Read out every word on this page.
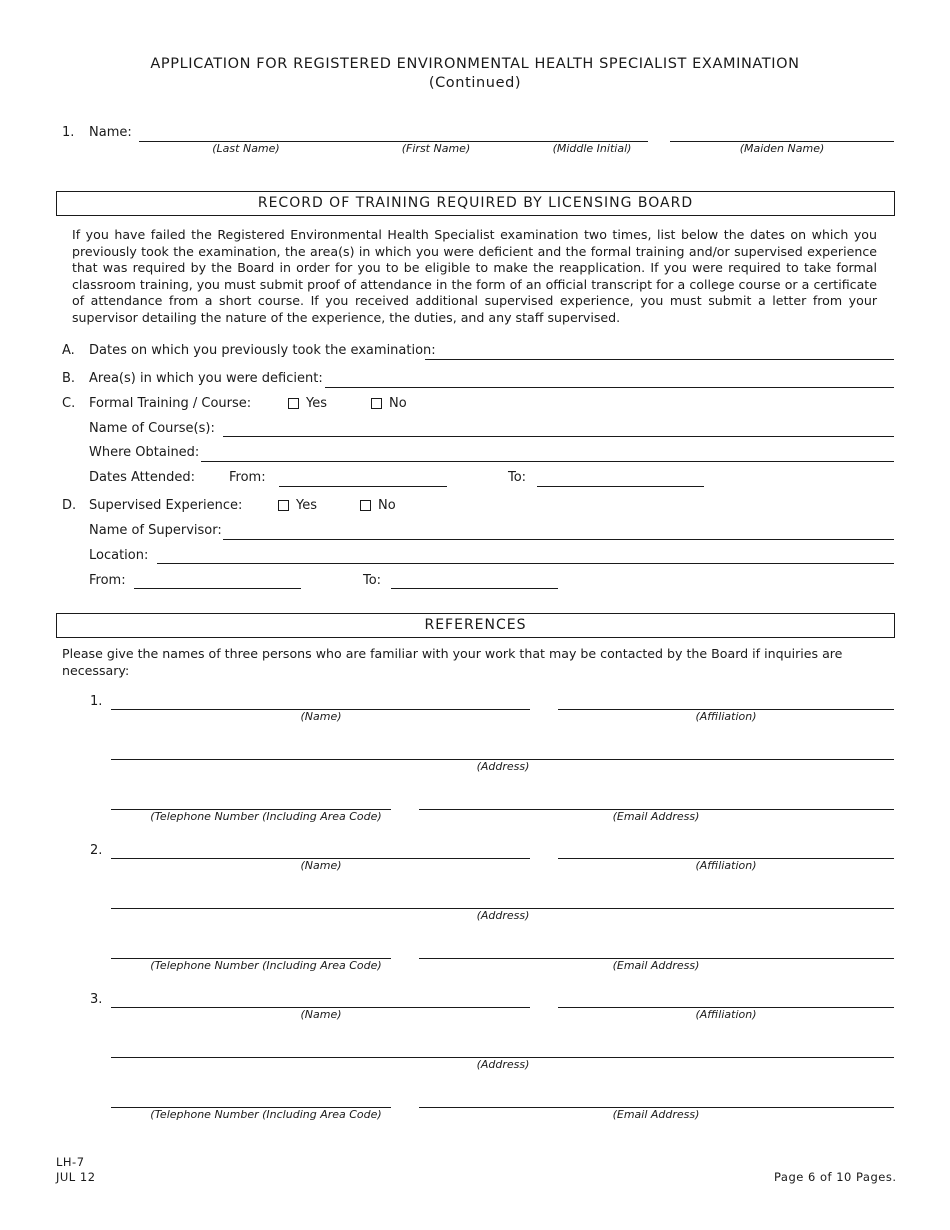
APPLICATION FOR REGISTERED ENVIRONMENTAL HEALTH SPECIALIST EXAMINATION
(Continued)
1. Name:
(Last Name)	(First Name)	(Middle Initial)	(Maiden Name)
RECORD OF TRAINING REQUIRED BY LICENSING BOARD
If you have failed the Registered Environmental Health Specialist examination two times, list below the dates on which you previously took the examination, the area(s) in which you were deficient and the formal training and/or supervised experience that was required by the Board in order for you to be eligible to make the reapplication. If you were required to take formal classroom training, you must submit proof of attendance in the form of an official transcript for a college course or a certificate of attendance from a short course. If you received additional supervised experience, you must submit a letter from your supervisor detailing the nature of the experience, the duties, and any staff supervised.
A. Dates on which you previously took the examination:
B. Area(s) in which you were deficient:
C. Formal Training / Course:	Yes	No
Name of Course(s):
Where Obtained:
Dates Attended:	From:	To:
D. Supervised Experience:	Yes	No
Name of Supervisor:
Location:
From:	To:
REFERENCES
Please give the names of three persons who are familiar with your work that may be contacted by the Board if inquiries are necessary:
1.
(Name)	(Affiliation)
(Address)
(Telephone Number (Including Area Code)	(Email Address)
2.
(Name)	(Affiliation)
(Address)
(Telephone Number (Including Area Code)	(Email Address)
3.
(Name)	(Affiliation)
(Address)
(Telephone Number (Including Area Code)	(Email Address)
LH-7
JUL 12	Page 6 of 10 Pages.
